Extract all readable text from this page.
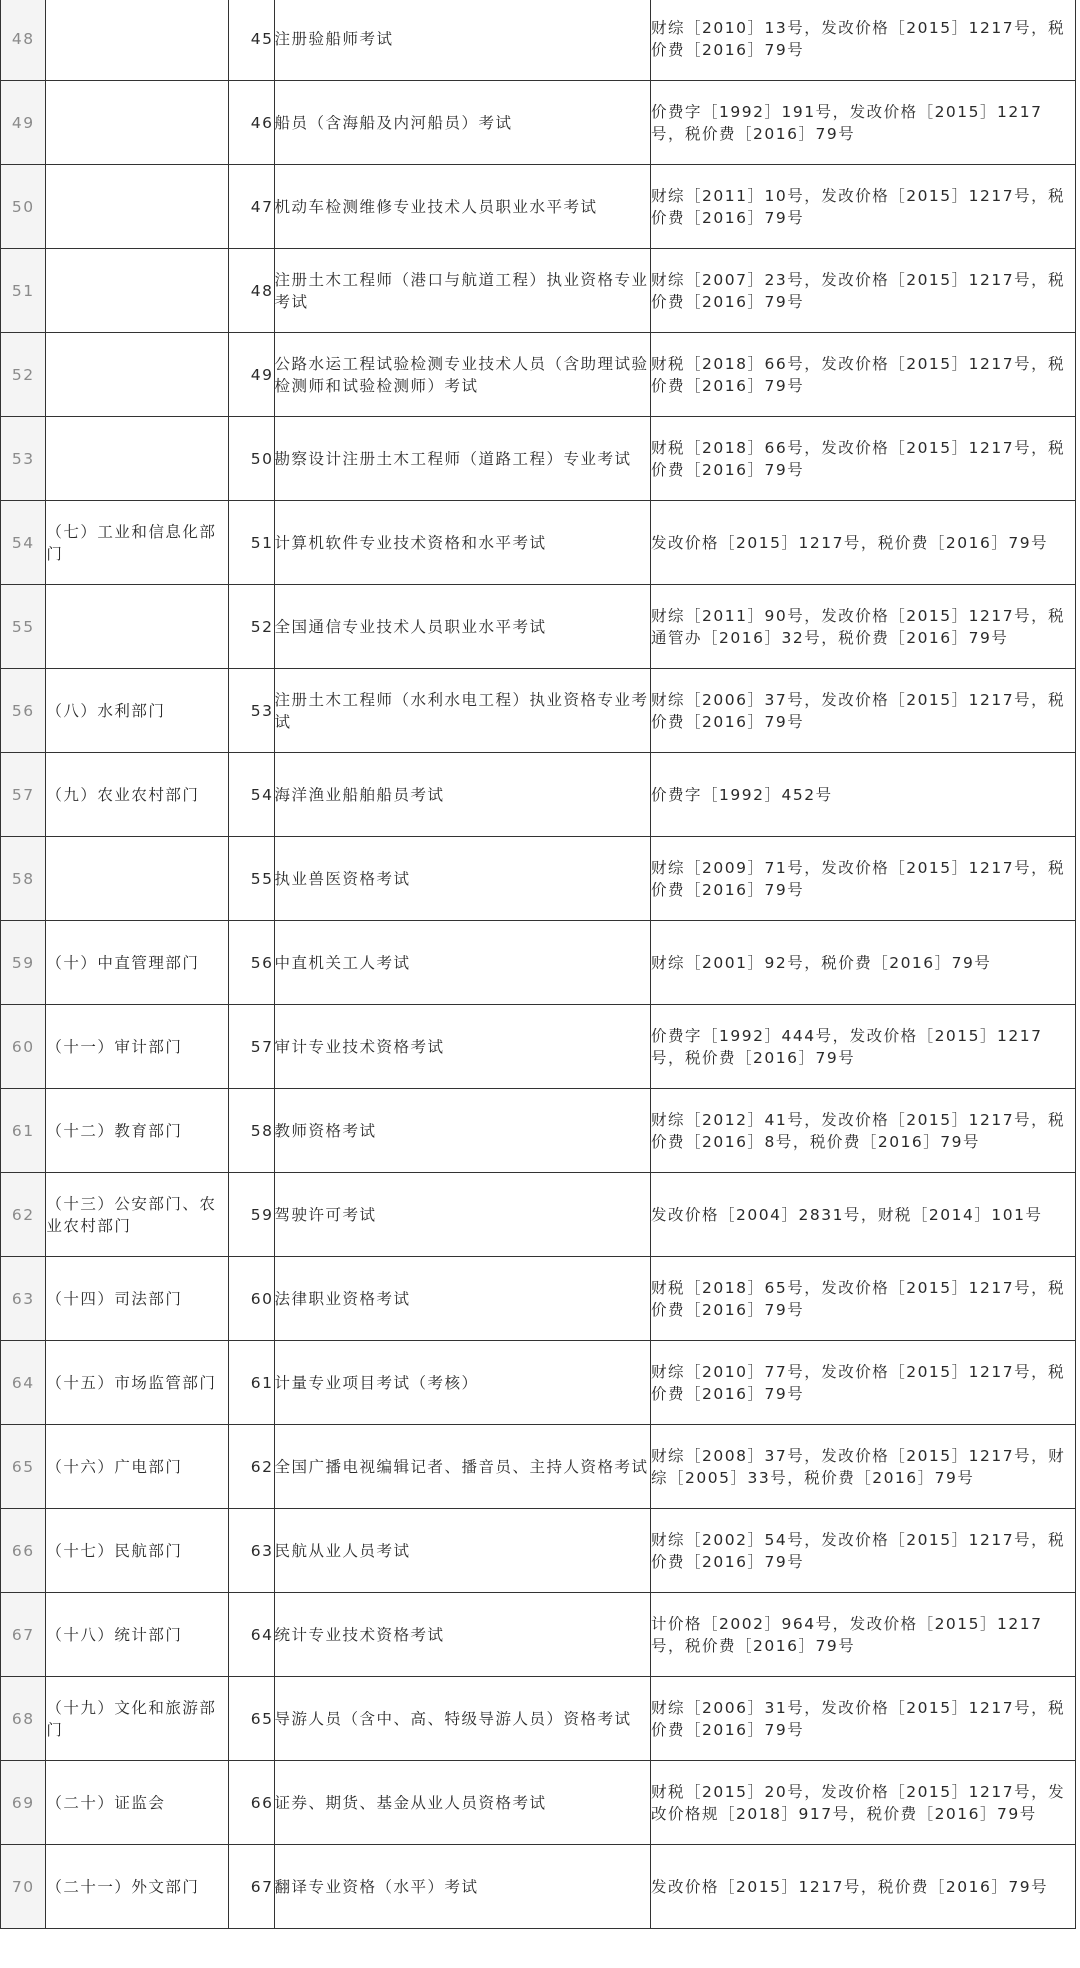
48		45	注册验船师考试	财综［2010］13号，发改价格［2015］1217号，税价费［2016］79号

49		46	船员（含海船及内河船员）考试	价费字［1992］191号，发改价格［2015］1217号，税价费［2016］79号

50		47	机动车检测维修专业技术人员职业水平考试	财综［2011］10号，发改价格［2015］1217号，税价费［2016］79号

51		48	注册土木工程师（港口与航道工程）执业资格专业考试	财综［2007］23号，发改价格［2015］1217号，税价费［2016］79号

52		49	公路水运工程试验检测专业技术人员（含助理试验检测师和试验检测师）考试	财税［2018］66号，发改价格［2015］1217号，税价费［2016］79号

53		50	勘察设计注册土木工程师（道路工程）专业考试	财税［2018］66号，发改价格［2015］1217号，税价费［2016］79号

54	（七）工业和信息化部门	51	计算机软件专业技术资格和水平考试	发改价格［2015］1217号，税价费［2016］79号

55		52	全国通信专业技术人员职业水平考试	财综［2011］90号，发改价格［2015］1217号，税通管办［2016］32号，税价费［2016］79号

56	（八）水利部门	53	注册土木工程师（水利水电工程）执业资格专业考试	财综［2006］37号，发改价格［2015］1217号，税价费［2016］79号

57	（九）农业农村部门	54	海洋渔业船舶船员考试	价费字［1992］452号

58		55	执业兽医资格考试	财综［2009］71号，发改价格［2015］1217号，税价费［2016］79号

59	（十）中直管理部门	56	中直机关工人考试	财综［2001］92号，税价费［2016］79号

60	（十一）审计部门	57	审计专业技术资格考试	价费字［1992］444号，发改价格［2015］1217号，税价费［2016］79号

61	（十二）教育部门	58	教师资格考试	财综［2012］41号，发改价格［2015］1217号，税价费［2016］8号，税价费［2016］79号

62	（十三）公安部门、农业农村部门	59	驾驶许可考试	发改价格［2004］2831号，财税［2014］101号

63	（十四）司法部门	60	法律职业资格考试	财税［2018］65号，发改价格［2015］1217号，税价费［2016］79号

64	（十五）市场监管部门	61	计量专业项目考试（考核）	财综［2010］77号，发改价格［2015］1217号，税价费［2016］79号

65	（十六）广电部门	62	全国广播电视编辑记者、播音员、主持人资格考试	财综［2008］37号，发改价格［2015］1217号，财综［2005］33号，税价费［2016］79号

66	（十七）民航部门	63	民航从业人员考试	财综［2002］54号，发改价格［2015］1217号，税价费［2016］79号

67	（十八）统计部门	64	统计专业技术资格考试	计价格［2002］964号，发改价格［2015］1217号，税价费［2016］79号

68	（十九）文化和旅游部门	65	导游人员（含中、高、特级导游人员）资格考试	财综［2006］31号，发改价格［2015］1217号，税价费［2016］79号

69	（二十）证监会	66	证券、期货、基金从业人员资格考试	财税［2015］20号，发改价格［2015］1217号，发改价格规［2018］917号，税价费［2016］79号

70	（二十一）外文部门	67	翻译专业资格（水平）考试	发改价格［2015］1217号，税价费［2016］79号
